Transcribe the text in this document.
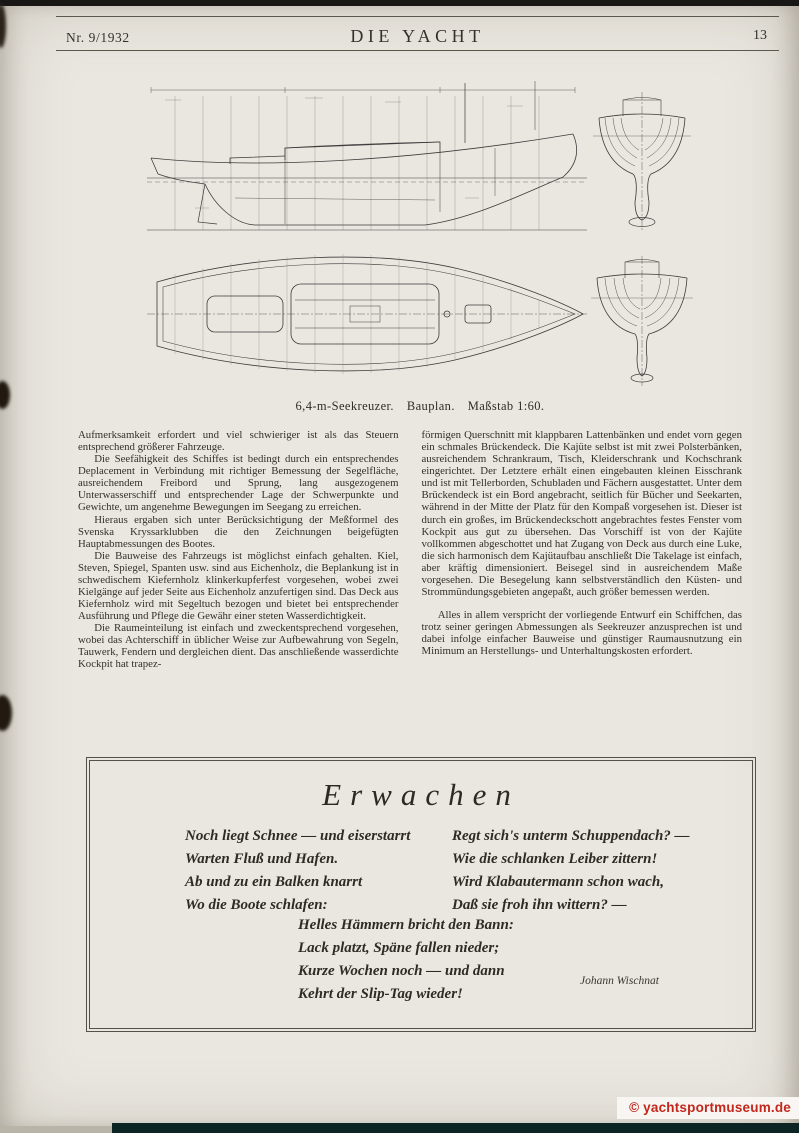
Nr. 9/1932	DIE YACHT	13
6,4-m-Seekreuzer. Bauplan. Maßstab 1:60.

Aufmerksamkeit erfordert und viel schwieriger ist als das Steuern entsprechend größerer Fahrzeuge.

Die Seefähigkeit des Schiffes ist bedingt durch ein entsprechendes Deplacement in Verbindung mit richtiger Bemessung der Segelfläche, ausreichendem Freibord und Sprung, lang ausgezogenem Unterwasserschiff und entsprechender Lage der Schwerpunkte und Gewichte, um angenehme Bewegungen im Seegang zu erreichen.

Hieraus ergaben sich unter Berücksichtigung der Meßformel des Svenska Kryssarklubben die den Zeichnungen beigefügten Hauptabmessungen des Bootes.

Die Bauweise des Fahrzeugs ist möglichst einfach gehalten. Kiel, Steven, Spiegel, Spanten usw. sind aus Eichenholz, die Beplankung ist in schwedischem Kiefernholz klinkerkupferfest vorgesehen, wobei zwei Kielgänge auf jeder Seite aus Eichenholz anzufertigen sind. Das Deck aus Kiefernholz wird mit Segeltuch bezogen und bietet bei entsprechender Ausführung und Pflege die Gewähr einer steten Wasserdichtigkeit.

Die Raumeinteilung ist einfach und zweckentsprechend vorgesehen, wobei das Achterschiff in üblicher Weise zur Aufbewahrung von Segeln, Tauwerk, Fendern und dergleichen dient. Das anschließende wasserdichte Kockpit hat trapez-

förmigen Querschnitt mit klappbaren Lattenbänken und endet vorn gegen ein schmales Brückendeck. Die Kajüte selbst ist mit zwei Polsterbänken, ausreichendem Schrankraum, Tisch, Kleiderschrank und Kochschrank eingerichtet. Der Letztere erhält einen eingebauten kleinen Eisschrank und ist mit Tellerborden, Schubladen und Fächern ausgestattet. Unter dem Brückendeck ist ein Bord angebracht, seitlich für Bücher und Seekarten, während in der Mitte der Platz für den Kompaß vorgesehen ist. Dieser ist durch ein großes, im Brückendeckschott angebrachtes festes Fenster vom Kockpit aus gut zu übersehen. Das Vorschiff ist von der Kajüte vollkommen abgeschottet und hat Zugang von Deck aus durch eine Luke, die sich harmonisch dem Kajütaufbau anschließt Die Takelage ist einfach, aber kräftig dimensioniert. Beisegel sind in ausreichendem Maße vorgesehen. Die Besegelung kann selbstverständlich den Küsten- und Strommündungsgebieten angepaßt, auch größer bemessen werden.

Alles in allem verspricht der vorliegende Entwurf ein Schiffchen, das trotz seiner geringen Abmessungen als Seekreuzer anzusprechen ist und dabei infolge einfacher Bauweise und günstiger Raumausnutzung ein Minimum an Herstellungs- und Unterhaltungskosten erfordert.

Erwachen
Noch liegt Schnee — und eiserstarrt
Warten Fluß und Hafen.
Ab und zu ein Balken knarrt
Wo die Boote schlafen:
Regt sich's unterm Schuppendach? —
Wie die schlanken Leiber zittern!
Wird Klabautermann schon wach,
Daß sie froh ihn wittern? —
Helles Hämmern bricht den Bann:
Lack platzt, Späne fallen nieder;
Kurze Wochen noch — und dann
Kehrt der Slip-Tag wieder!
Johann Wischnat
© yachtsportmuseum.de
